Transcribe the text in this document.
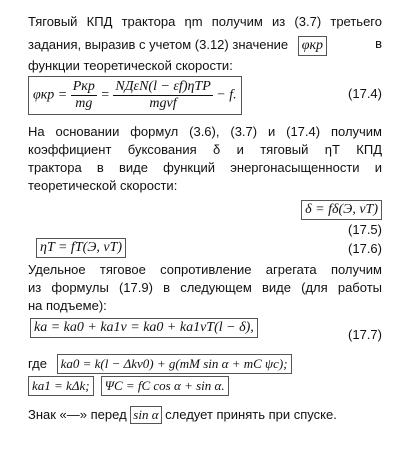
Тяговый КПД трактора ηm получим из (3.7) третьего
задания, выразив с учетом (3.12) значение φкр	в
функции теоретической скорости:
$\varphi кр = \frac{\text{Pкр}}{mg} = \frac{\text{NДεN(l − εf)ηТР}}{\text{mgvf}} - f$.	(17.4)
На основании формул (3.6), (3.7) и (17.4) получим
коэффициент буксования δ и тяговый ηТ КПД
трактора в виде функций энергонасыщенности и
теоретической скорости:
δ = fδ(Э, vT)
(17.5)
ηT = fT(Э, vT)	(17.6)
Удельное тяговое сопротивление агрегата получим
из формулы (17.9) в следующем виде (для работы
на подъеме):
ka = ka0 + ka1v = ka0 + ka1vT(l − δ),	(17.7)
где ka0 = k(l − Δkv0) + g(mМ sin α + mС ψc);
ka1 = kΔk; ΨC = fC cos α + sin α.
Знак «—» перед sin α следует принять при спуске.
